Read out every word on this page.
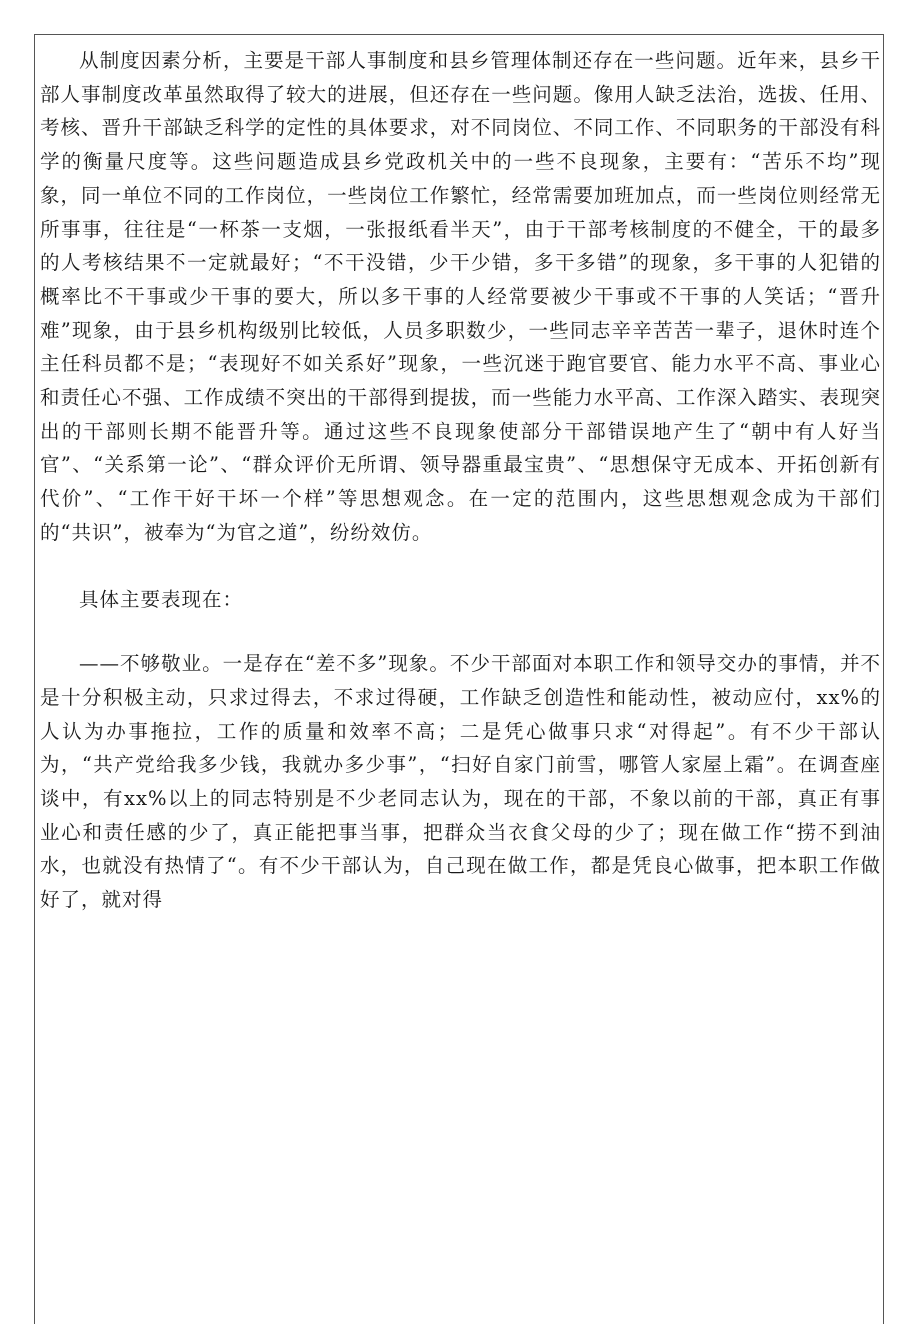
从制度因素分析，主要是干部人事制度和县乡管理体制还存在一些问题。近年来，县乡干部人事制度改革虽然取得了较大的进展，但还存在一些问题。像用人缺乏法治，选拔、任用、考核、晋升干部缺乏科学的定性的具体要求，对不同岗位、不同工作、不同职务的干部没有科学的衡量尺度等。这些问题造成县乡党政机关中的一些不良现象，主要有：“苦乐不均”现象，同一单位不同的工作岗位，一些岗位工作繁忙，经常需要加班加点，而一些岗位则经常无所事事，往往是“一杯茶一支烟，一张报纸看半天”，由于干部考核制度的不健全，干的最多的人考核结果不一定就最好；“不干没错，少干少错，多干多错”的现象，多干事的人犯错的概率比不干事或少干事的要大，所以多干事的人经常要被少干事或不干事的人笑话；“晋升难”现象，由于县乡机构级别比较低，人员多职数少，一些同志辛辛苦苦一辈子，退休时连个主任科员都不是；“表现好不如关系好”现象，一些沉迷于跑官要官、能力水平不高、事业心和责任心不强、工作成绩不突出的干部得到提拔，而一些能力水平高、工作深入踏实、表现突出的干部则长期不能晋升等。通过这些不良现象使部分干部错误地产生了“朝中有人好当官”、“关系第一论”、“群众评价无所谓、领导器重最宝贵”、“思想保守无成本、开拓创新有代价”、“工作干好干坏一个样”等思想观念。在一定的范围内，这些思想观念成为干部们的“共识”，被奉为“为官之道”，纷纷效仿。

具体主要表现在：

——不够敬业。一是存在“差不多”现象。不少干部面对本职工作和领导交办的事情，并不是十分积极主动，只求过得去，不求过得硬，工作缺乏创造性和能动性，被动应付，xx%的人认为办事拖拉，工作的质量和效率不高；二是凭心做事只求“对得起”。有不少干部认为，“共产党给我多少钱，我就办多少事”，“扫好自家门前雪，哪管人家屋上霜”。在调查座谈中，有xx%以上的同志特别是不少老同志认为，现在的干部，不象以前的干部，真正有事业心和责任感的少了，真正能把事当事，把群众当衣食父母的少了；现在做工作“捞不到油水，也就没有热情了“。有不少干部认为，自己现在做工作，都是凭良心做事，把本职工作做好了，就对得
